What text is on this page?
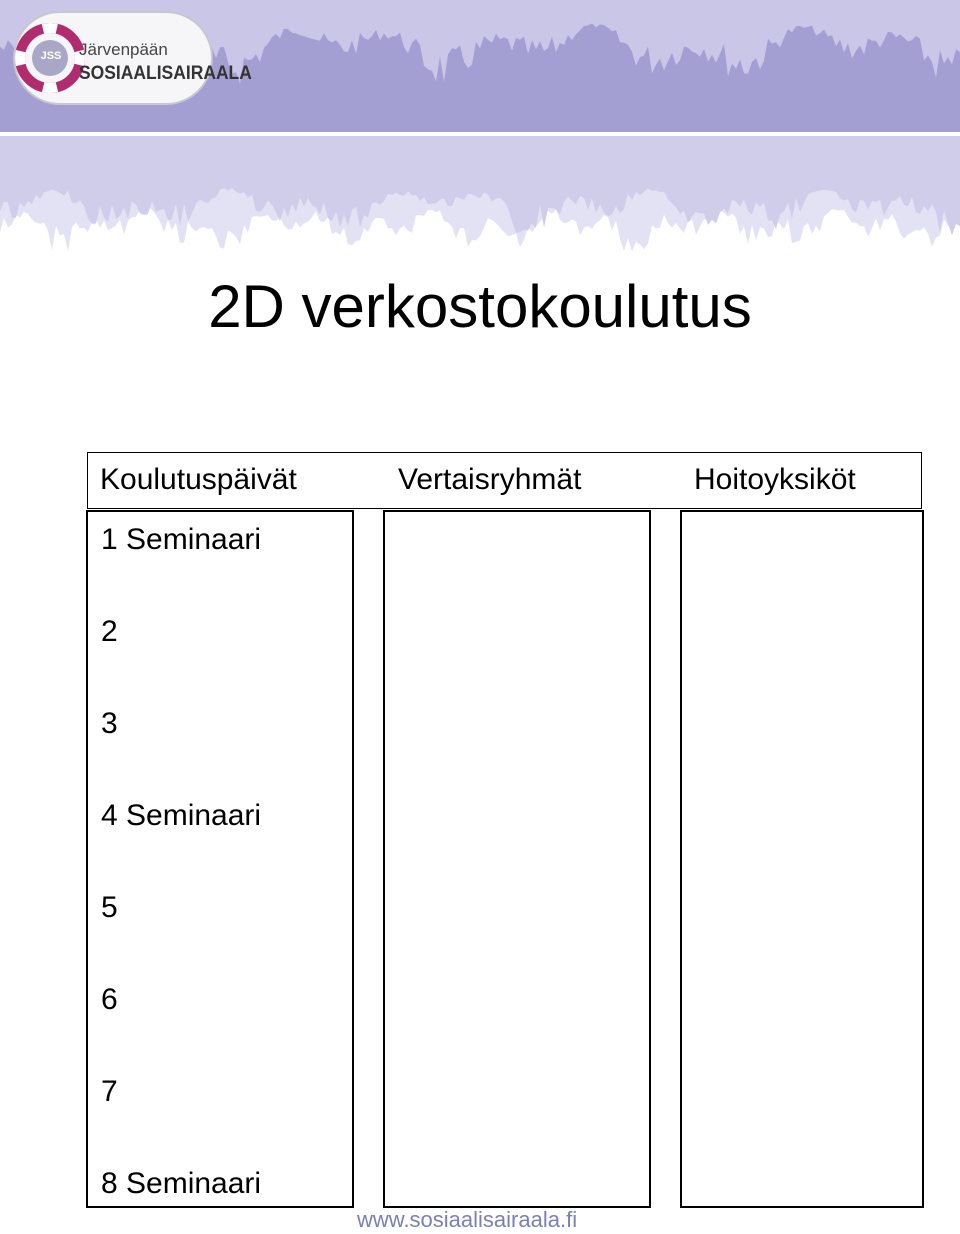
JSS Järvenpään
SOSIAALISAIRAALA
2D verkostokoulutus
Koulutuspäivät	Vertaisryhmät	Hoitoyksiköt
1 Seminaari
2
3
4 Seminaari
5
6
7
8 Seminaari
www.sosiaalisairaala.fi
